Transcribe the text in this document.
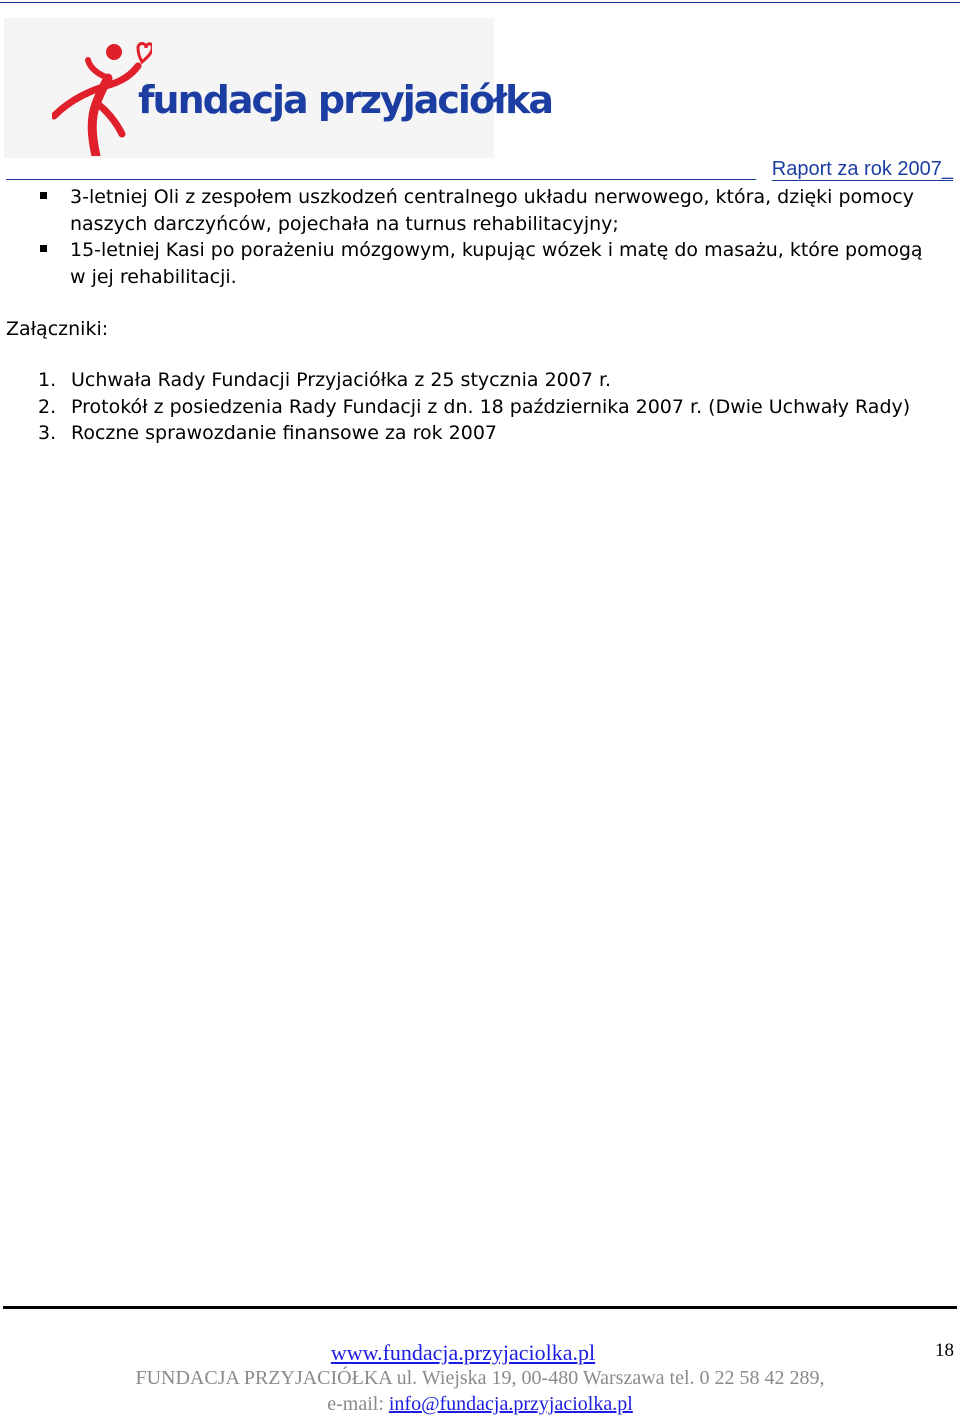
fundacja przyjaciółka
Raport za rok 2007_
3-letniej Oli z zespołem uszkodzeń centralnego układu nerwowego, która, dzięki pomocy naszych darczyńców, pojechała na turnus rehabilitacyjny;
15-letniej Kasi po porażeniu mózgowym, kupując wózek i matę do masażu, które pomogą w jej rehabilitacji.
Załączniki:
1. Uchwała Rady Fundacji Przyjaciółka z 25 stycznia 2007 r.
2. Protokół z posiedzenia Rady Fundacji z dn. 18 października 2007 r. (Dwie Uchwały Rady)
3. Roczne sprawozdanie finansowe za rok 2007
www.fundacja.przyjaciolka.pl	18
FUNDACJA PRZYJACIÓŁKA ul. Wiejska 19, 00-480 Warszawa tel. 0 22 58 42 289,
e-mail: info@fundacja.przyjaciolka.pl
